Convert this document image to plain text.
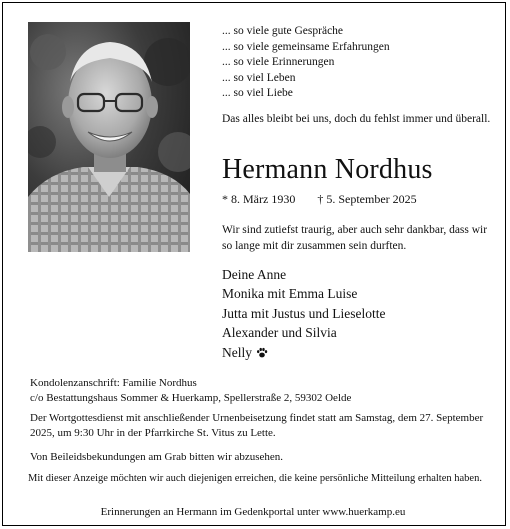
... so viele gute Gespräche
... so viele gemeinsame Erfahrungen
... so viele Erinnerungen
... so viel Leben
... so viel Liebe
Das alles bleibt bei uns, doch du fehlst immer und überall.
Hermann Nordhus
* 8. März 1930 † 5. September 2025
Wir sind zutiefst traurig, aber auch sehr dankbar, dass wir so lange mit dir zusammen sein durften.
Deine Anne
Monika mit Emma Luise
Jutta mit Justus und Lieselotte
Alexander und Silvia
Nelly
Kondolenzanschrift: Familie Nordhus
c/o Bestattungshaus Sommer & Huerkamp, Spellerstraße 2, 59302 Oelde
Der Wortgottesdienst mit anschließender Urnenbeisetzung findet statt am Samstag, dem 27. September 2025, um 9:30 Uhr in der Pfarrkirche St. Vitus zu Lette.
Von Beileidsbekundungen am Grab bitten wir abzusehen.
Mit dieser Anzeige möchten wir auch diejenigen erreichen, die keine persönliche Mitteilung erhalten haben.
Erinnerungen an Hermann im Gedenkportal unter www.huerkamp.eu
